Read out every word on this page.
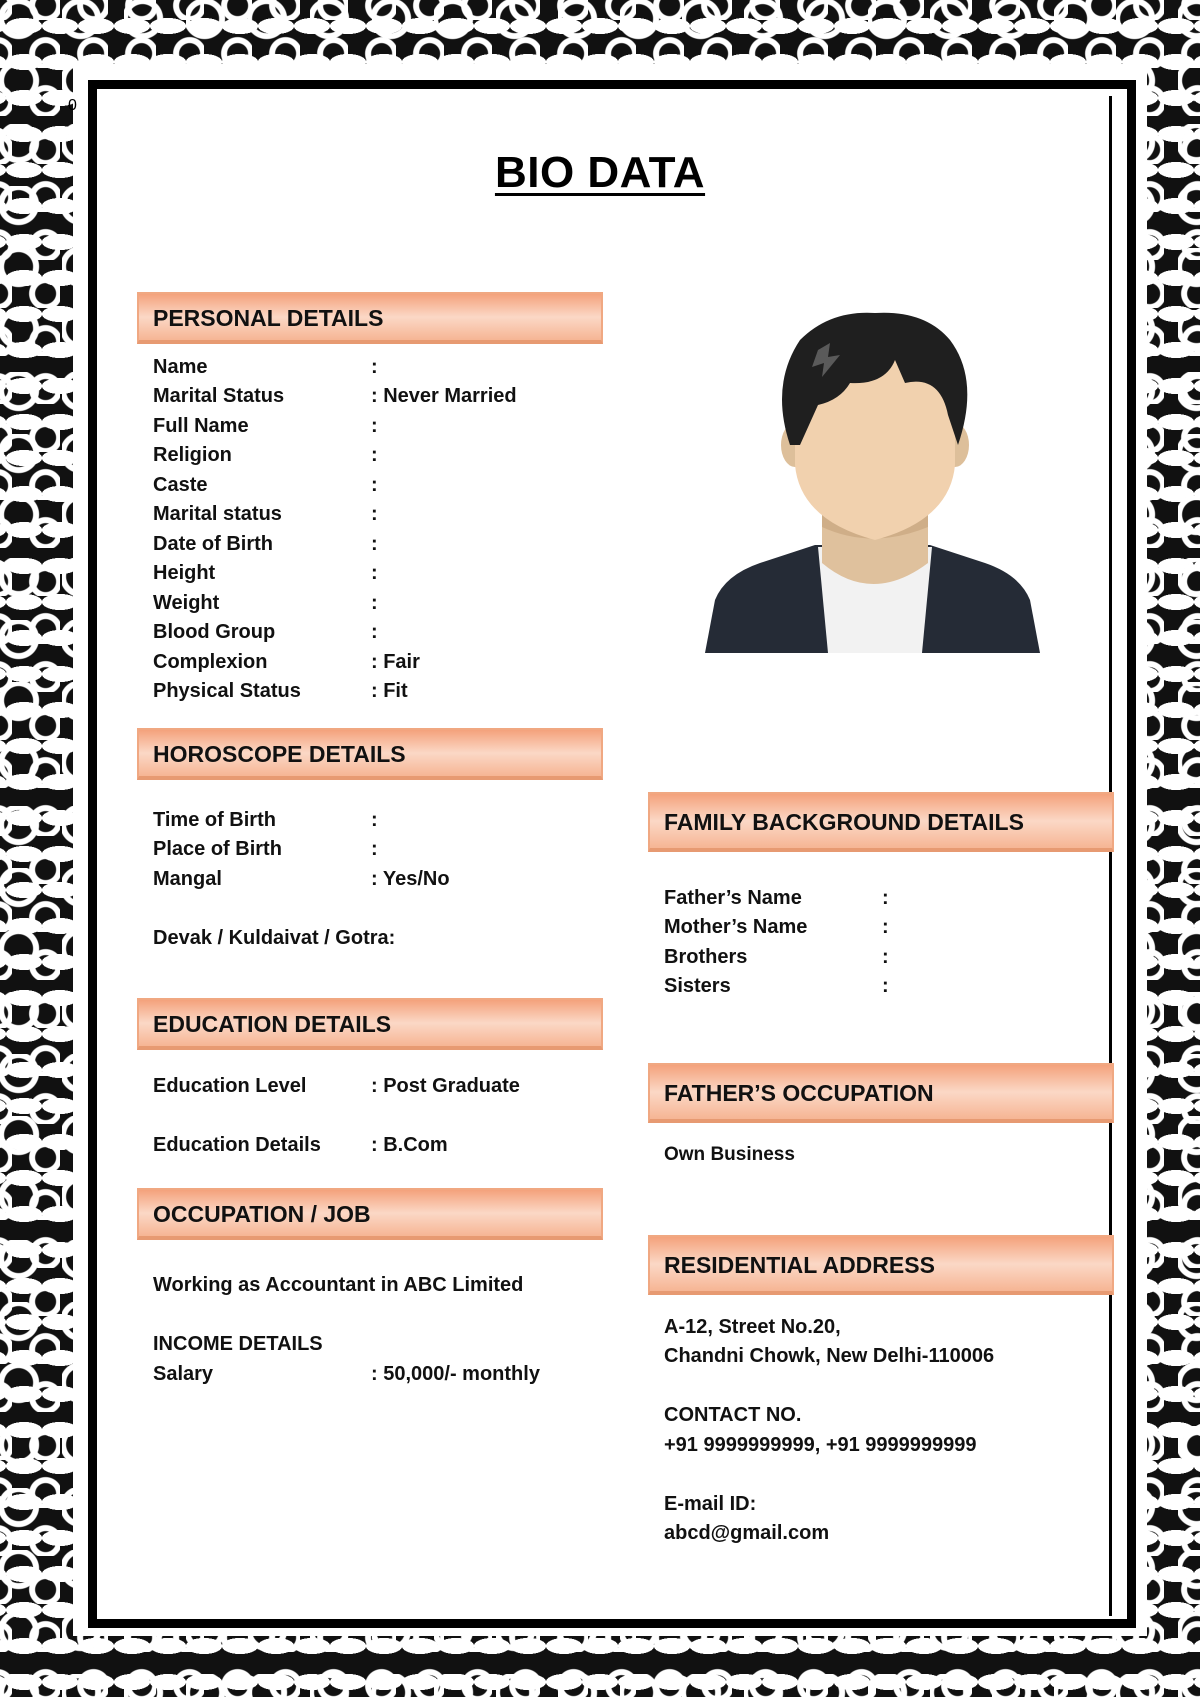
0
BIO DATA
PERSONAL DETAILS
Name	:
Marital Status	: Never Married
Full Name	:
Religion	:
Caste	:
Marital status	:
Date of Birth	:
Height	:
Weight	:
Blood Group	:
Complexion	: Fair
Physical Status	: Fit
HOROSCOPE DETAILS
Time of Birth	:
Place of Birth	:
Mangal	: Yes/No
Devak / Kuldaivat / Gotra:
EDUCATION DETAILS
Education Level	: Post Graduate
Education Details	: B.Com
OCCUPATION / JOB
Working as Accountant in ABC Limited
INCOME DETAILS
Salary	: 50,000/- monthly
FAMILY BACKGROUND DETAILS
Father’s Name	:
Mother’s Name	:
Brothers	:
Sisters	:
FATHER’S OCCUPATION
Own Business
RESIDENTIAL ADDRESS
A-12, Street No.20,
Chandni Chowk, New Delhi-110006
CONTACT NO.
+91 9999999999, +91 9999999999
E-mail ID:
abcd@gmail.com
